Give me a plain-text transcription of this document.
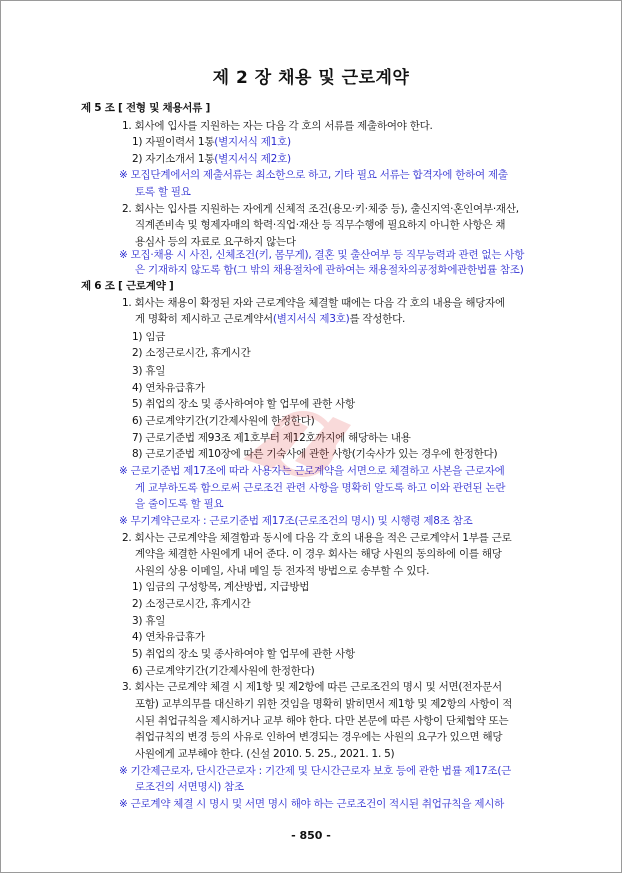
제 2 장 채용 및 근로계약
제 5 조 [ 전형 및 채용서류 ]
1. 회사에 입사를 지원하는 자는 다음 각 호의 서류를 제출하여야 한다.
1) 자필이력서 1통(별지서식 제1호)
2) 자기소개서 1통(별지서식 제2호)
※ 모집단계에서의 제출서류는 최소한으로 하고, 기타 필요 서류는 합격자에 한하여 제출
토록 할 필요
2. 회사는 입사를 지원하는 자에게 신체적 조건(용모·키·체중 등), 출신지역·혼인여부·재산,
직계존비속 및 형제자매의 학력·직업·재산 등 직무수행에 필요하지 아니한 사항은 채
용심사 등의 자료로 요구하지 않는다
※ 모집·채용 시 사진, 신체조건(키, 몸무게), 결혼 및 출산여부 등 직무능력과 관련 없는 사항
은 기재하지 않도록 함(그 밖의 채용절차에 관하여는 채용절차의공정화에관한법률 참조)
제 6 조 [ 근로계약 ]
1. 회사는 채용이 확정된 자와 근로계약을 체결할 때에는 다음 각 호의 내용을 해당자에
게 명확히 제시하고 근로계약서(별지서식 제3호)를 작성한다.
1) 임금
2) 소정근로시간, 휴게시간
3) 휴일
4) 연차유급휴가
5) 취업의 장소 및 종사하여야 할 업무에 관한 사항
6) 근로계약기간(기간제사원에 한정한다)
7) 근로기준법 제93조 제1호부터 제12호까지에 해당하는 내용
8) 근로기준법 제10장에 따른 기숙사에 관한 사항(기숙사가 있는 경우에 한정한다)
※ 근로기준법 제17조에 따라 사용자는 근로계약을 서면으로 체결하고 사본을 근로자에
게 교부하도록 함으로써 근로조건 관련 사항을 명확히 알도록 하고 이와 관련된 논란
을 줄이도록 할 필요
※ 무기계약근로자 : 근로기준법 제17조(근로조건의 명시) 및 시행령 제8조 참조
2. 회사는 근로계약을 체결함과 동시에 다음 각 호의 내용을 적은 근로계약서 1부를 근로
계약을 체결한 사원에게 내어 준다. 이 경우 회사는 해당 사원의 동의하에 이를 해당
사원의 상용 이메일, 사내 메일 등 전자적 방법으로 송부할 수 있다.
1) 임금의 구성항목, 계산방법, 지급방법
2) 소정근로시간, 휴게시간
3) 휴일
4) 연차유급휴가
5) 취업의 장소 및 종사하여야 할 업무에 관한 사항
6) 근로계약기간(기간제사원에 한정한다)
3. 회사는 근로계약 체결 시 제1항 및 제2항에 따른 근로조건의 명시 및 서면(전자문서
포함) 교부의무를 대신하기 위한 것임을 명확히 밝히면서 제1항 및 제2항의 사항이 적
시된 취업규칙을 제시하거나 교부 해야 한다. 다만 본문에 따른 사항이 단체협약 또는
취업규칙의 변경 등의 사유로 인하여 변경되는 경우에는 사원의 요구가 있으면 해당
사원에게 교부해야 한다. (신설 2010. 5. 25., 2021. 1. 5)
※ 기간제근로자, 단시간근로자 : 기간제 및 단시간근로자 보호 등에 관한 법률 제17조(근
로조건의 서면명시) 참조
※ 근로계약 체결 시 명시 및 서면 명시 해야 하는 근로조건이 적시된 취업규칙을 제시하
- 850 -
